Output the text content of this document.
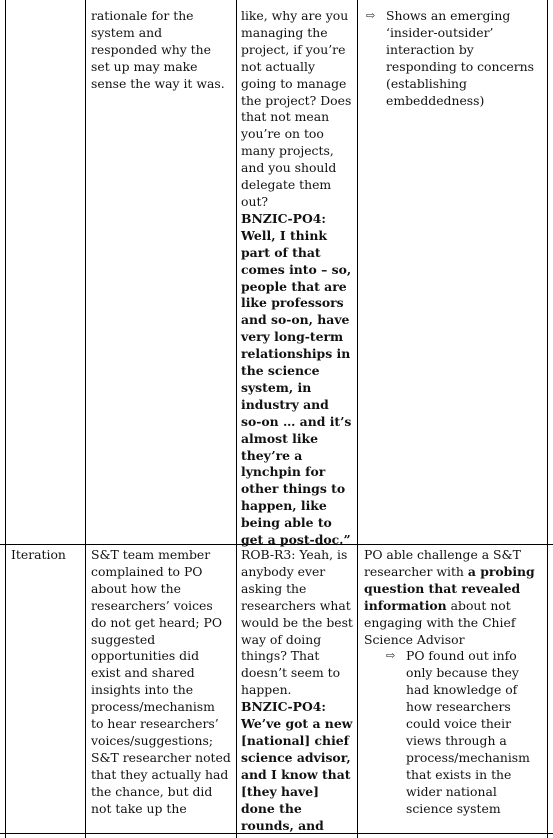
rationale for the system and responded why the set up may make sense the way it was.

like, why are you managing the project, if you’re not actually going to manage the project? Does that not mean you’re on too many projects, and you should delegate them out?

BNZIC-PO4: Well, I think part of that comes into – so, people that are like professors and so-on, have very long-term relationships in the science system, in industry and so-on … and it’s almost like they’re a lynchpin for other things to happen, like being able to get a post-doc.”

⇨ Shows an emerging ‘insider-outsider’ interaction by responding to concerns (establishing embeddedness)
Iteration	S&T team member complained to PO about how the researchers’ voices do not get heard; PO suggested opportunities did exist and shared insights into the process/mechanism to hear researchers’ voices/suggestions; S&T researcher noted that they actually had the chance, but did not take up the

ROB-R3: Yeah, is anybody ever asking the researchers what would be the best way of doing things? That doesn’t seem to happen.

BNZIC-PO4: We’ve got a new [national] chief science advisor, and I know that [they have] done the rounds, and

PO able challenge a S&T researcher with a probing question that revealed information about not engaging with the Chief Science Advisor

⇨ PO found out info only because they had knowledge of how researchers could voice their views through a process/mechanism that exists in the wider national science system
